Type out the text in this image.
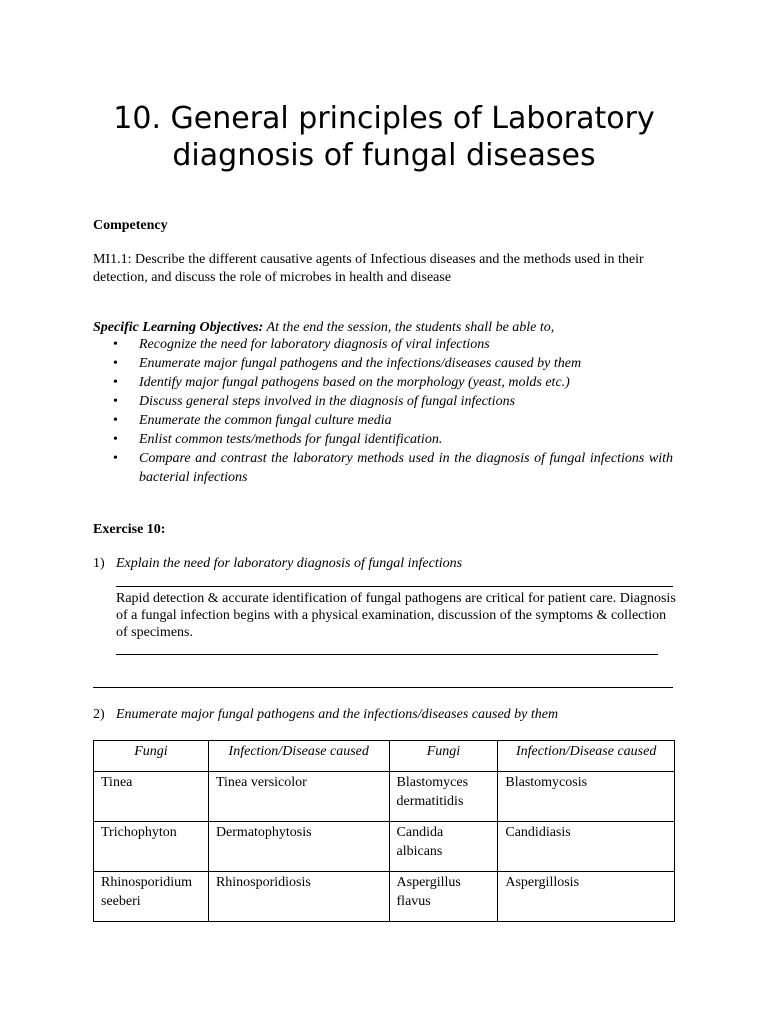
10. General principles of Laboratory
diagnosis of fungal diseases
Competency
MI1.1: Describe the different causative agents of Infectious diseases and the methods used in their detection, and discuss the role of microbes in health and disease
Specific Learning Objectives: At the end the session, the students shall be able to,
• Recognize the need for laboratory diagnosis of viral infections
• Enumerate major fungal pathogens and the infections/diseases caused by them
• Identify major fungal pathogens based on the morphology (yeast, molds etc.)
• Discuss general steps involved in the diagnosis of fungal infections
• Enumerate the common fungal culture media
• Enlist common tests/methods for fungal identification.
• Compare and contrast the laboratory methods used in the diagnosis of fungal infections with bacterial infections
Exercise 10:
1) Explain the need for laboratory diagnosis of fungal infections
Rapid detection & accurate identification of fungal pathogens are critical for patient care. Diagnosis of a fungal infection begins with a physical examination, discussion of the symptoms & collection of specimens.
2) Enumerate major fungal pathogens and the infections/diseases caused by them
Fungi	Infection/Disease caused	Fungi	Infection/Disease caused
Tinea	Tinea versicolor	Blastomyces dermatitidis	Blastomycosis
Trichophyton	Dermatophytosis	Candida albicans	Candidiasis
Rhinosporidium seeberi	Rhinosporidiosis	Aspergillus flavus	Aspergillosis
